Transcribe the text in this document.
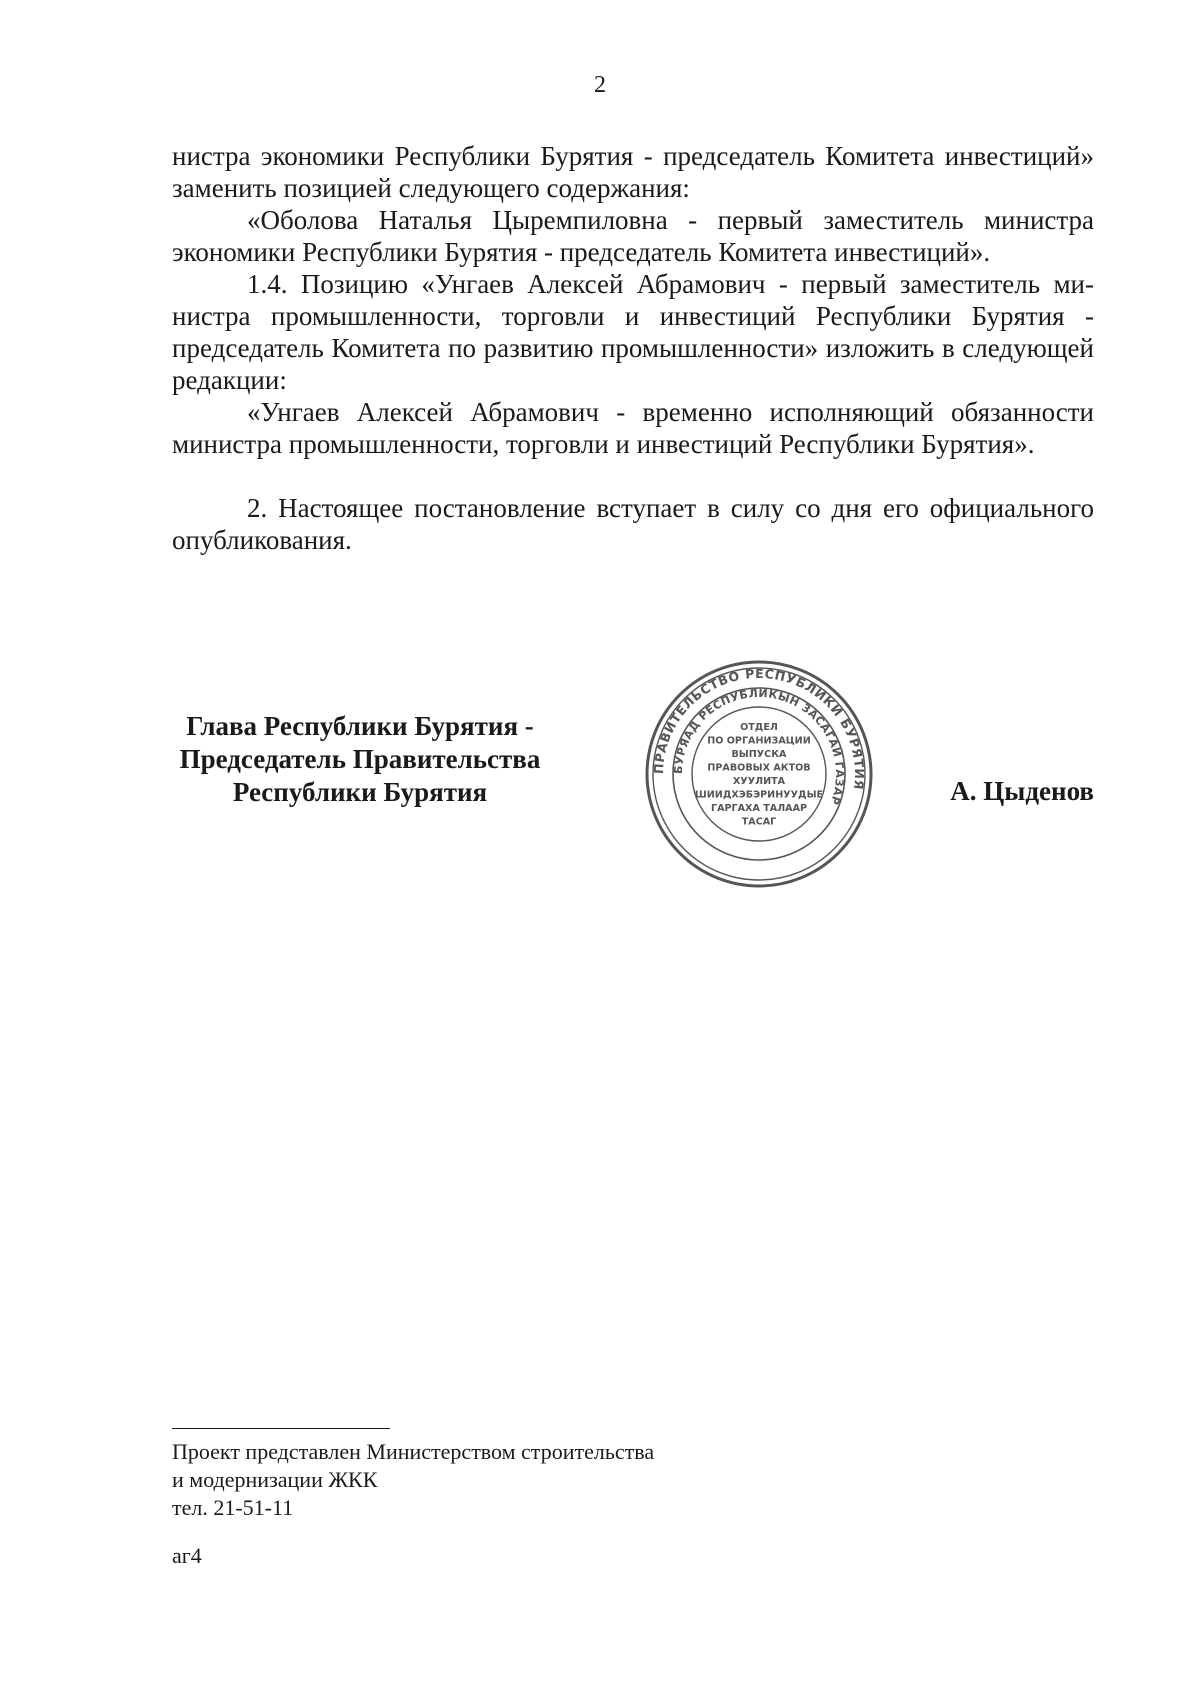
2

нистра экономики Республики Бурятия - председатель Комитета инвестиций» заменить позицией следующего содержания:

«Оболова Наталья Цыремпиловна - первый заместитель министра экономики Республики Бурятия - председатель Комитета инвестиций».

1.4. Позицию «Унгаев Алексей Абрамович - первый заместитель министра промышленности, торговли и инвестиций Республики Бурятия - председатель Комитета по развитию промышленности» изложить в следующей редакции:

«Унгаев Алексей Абрамович - временно исполняющий обязанности министра промышленности, торговли и инвестиций Республики Бурятия».

2. Настоящее постановление вступает в силу со дня его официального опубликования.

Глава Республики Бурятия -
Председатель Правительства
Республики Бурятия
ПРАВИТЕЛЬСТВО РЕСПУБЛИКИ БУРЯТИЯ
БУРЯАД РЕСПУБЛИКЫН ЗАСАГАЙ ГАЗАР
ОТДЕЛ
ПО ОРГАНИЗАЦИИ
ВЫПУСКА
ПРАВОВЫХ АКТОВ
ХУУЛИТА
ШИИДХЭБЭРИНУУДЫЕ
ГАРГАХА ТАЛААР
ТАСАГ
А. Цыденов
Проект представлен Министерством строительства
и модернизации ЖКК
тел. 21-51-11
аг4
